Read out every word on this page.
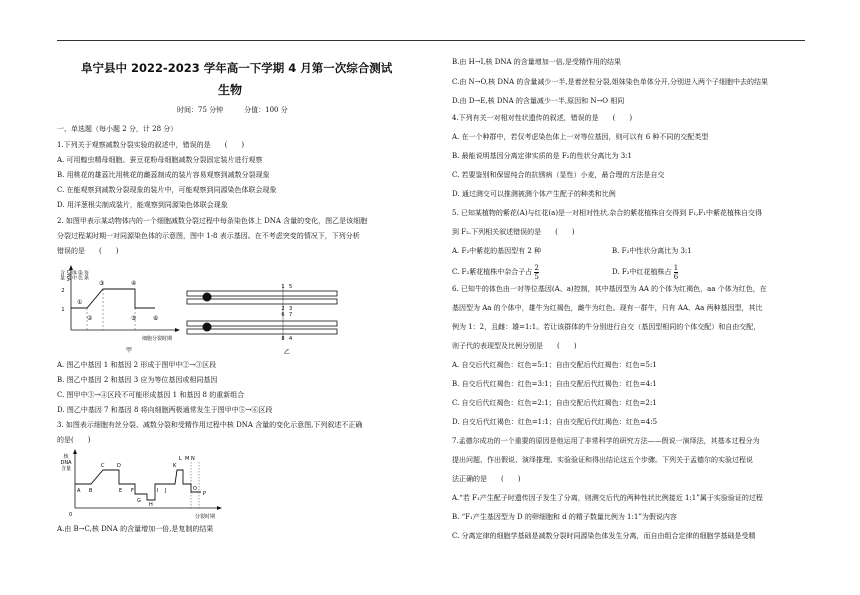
阜宁县中 2022-2023 学年高一下学期 4 月第一次综合测试
生物
时间：75 分钟　　　分值：100 分
一、单选题（每小题 2 分，计 28 分）
1.下列关于观察减数分裂实验的叙述中，错误的是　　(　　)
A. 可用蝗虫精母细胞、蚕豆花粉母细胞减数分裂固定装片进行观察
B. 用桃花的雄蕊比用桃花的雌蕊制成的装片容易观察到减数分裂现象
C. 在能观察到减数分裂现象的装片中，可能观察到同源染色体联会现象
D. 用洋葱根尖制成装片，能观察到同源染色体联会现象
2. 如图甲表示某动物体内的一个细胞减数分裂过程中每条染色体上 DNA 含量的变化，图乙是该细胞
分裂过程某时期一对同源染色体的示意图，图中 1-8 表示基因。在不考虑突变的情况下，下列分析
错误的是　　(　　)
2
1
①
②
③	④
⑤	⑥
细胞分裂时期
甲
每条染色体中DNA含量
1
2
6
8
5
3
7
4
乙
A. 图乙中基因 1 和基因 2 形成于图甲中②→③区段
B. 图乙中基因 2 和基因 3 应为等位基因或相同基因
C. 图甲中③→④区段不可能形成基因 1 和基因 8 的重新组合
D. 图乙中基因 7 和基因 8 将向细胞两极通常发生于图甲中⑤→⑥区段
3. 如图表示细胞有丝分裂、减数分裂和受精作用过程中核 DNA 含量的变化示意图,下列叙述不正确
的是(　　)
核
DNA
含量
0
A B
C	D
E F
G
H
I J
K
L M N
O
P
分裂时期
A.由 B→C,核 DNA 的含量增加一倍,是复制的结果
B.由 H→I,核 DNA 的含量增加一倍,是受精作用的结果
C.由 N→O,核 DNA 的含量减少一半,是着丝粒分裂,姐妹染色单体分开,分别进入两个子细胞中去的结果
D.由 D→E,核 DNA 的含量减少一半,原因和 N→O 相同
4.下列有关一对相对性状遗传的叙述，错误的是　　(　　)
A. 在一个种群中，若仅考虑染色体上一对等位基因，则可以有 6 种不同的交配类型
B. 最能说明基因分离定律实质的是 F₂的性状分离比为 3:1
C. 若要鉴别和保留纯合的抗锈病（显性）小麦，最合理的方法是自交
D. 通过测交可以推测被测个体产生配子的种类和比例
5. 已知某植物的紫花(A)与红花(a)是一对相对性状,杂合的紫花植株自交得到 F₁,F₁中紫花植株自交得
到 F₂.下列相关叙述错误的是　　(　　)
A. F₂中紫花的基因型有 2 种	B. F₂中性状分离比为 3:1
C. F₂紫花植株中杂合子占 $\frac{2}{5}$	D. F₂中红花植株占 $\frac{1}{6}$
6. 已知牛的体色由一对等位基因(A、a)控制，其中基因型为 AA 的个体为红褐色，aa 个体为红色，在
基因型为 Aa 的个体中，雄牛为红褐色，雌牛为红色。现有一群牛，只有 AA、Aa 两种基因型，其比
例为 1：2，且雌：雄=1:1。若让该群体的牛分别进行自交（基因型相同的个体交配）和自由交配，
则子代的表现型及比例分别是　　(　　)
A. 自交后代红褐色：红色=5:1；自由交配后代红褐色：红色=5:1
B. 自交后代红褐色：红色=3:1；自由交配后代红褐色：红色=4:1
C. 自交后代红褐色：红色=2:1；自由交配后代红褐色：红色=2:1
D. 自交后代红褐色：红色=1:1；自由交配后代红褐色：红色=4:5
7.孟德尔成功的一个重要的原因是他运用了非常科学的研究方法——假说一演绎法，其基本过程分为
提出问题、作出假说、演绎推理、实验验证和得出结论这五个步骤。下列关于孟德尔的实验过程说
法正确的是　　(　　)
A.“若 F₁产生配子时遗传因子发生了分离，则测交后代的两种性状比例接近 1:1”属于实验验证的过程
B. “F₁产生基因型为 D 的卵细胞和 d 的精子数量比例为 1:1”为假说内容
C. 分离定律的细胞学基础是减数分裂时同源染色体发生分离，而自由组合定律的细胞学基础是受精
